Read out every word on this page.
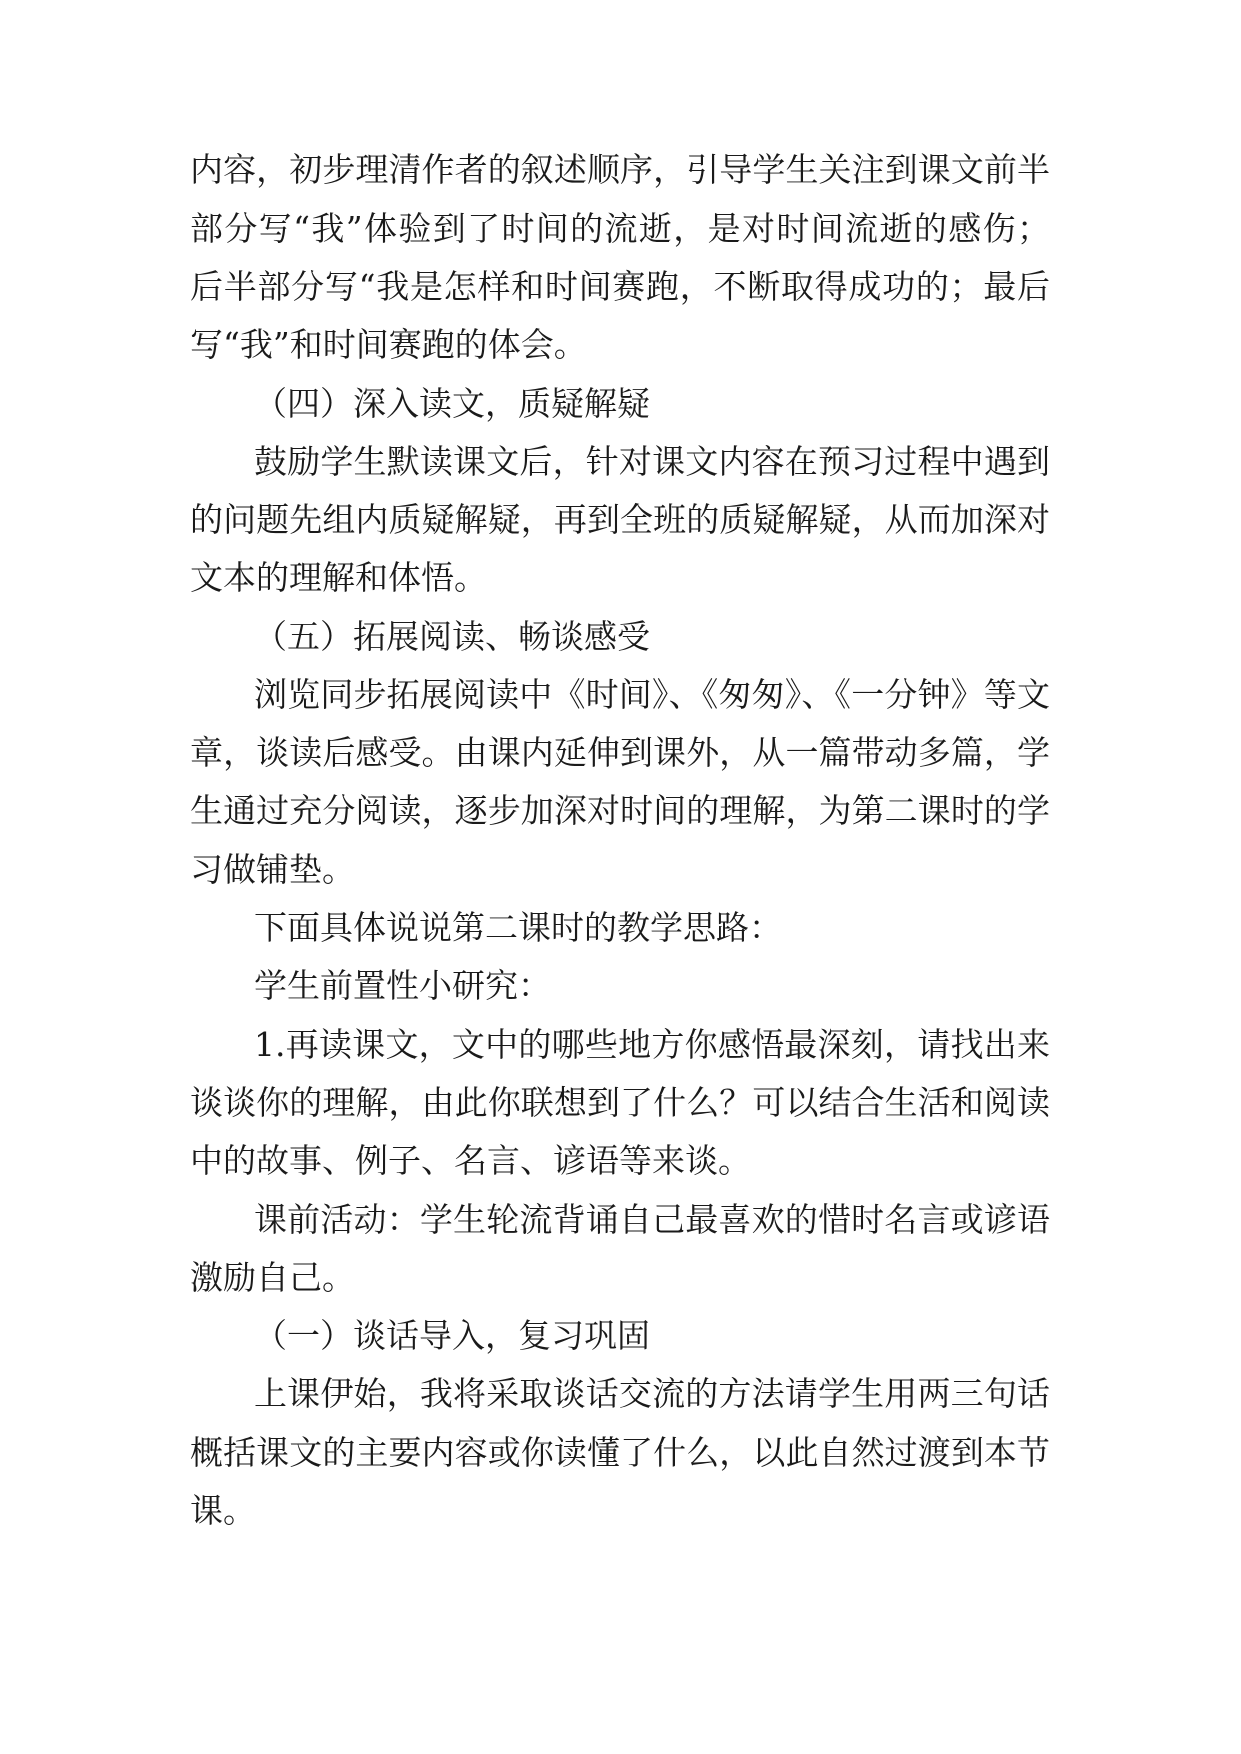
内容，初步理清作者的叙述顺序，引导学生关注到课文前半
部分写“我”体验到了时间的流逝，是对时间流逝的感伤；
后半部分写“我是怎样和时间赛跑，不断取得成功的；最后
写“我”和时间赛跑的体会。
（四）深入读文，质疑解疑
鼓励学生默读课文后，针对课文内容在预习过程中遇到
的问题先组内质疑解疑，再到全班的质疑解疑，从而加深对
文本的理解和体悟。
（五）拓展阅读、畅谈感受
浏览同步拓展阅读中《时间》、《匆匆》、《一分钟》等文
章，谈读后感受。由课内延伸到课外，从一篇带动多篇，学
生通过充分阅读，逐步加深对时间的理解，为第二课时的学
习做铺垫。
下面具体说说第二课时的教学思路：
学生前置性小研究：
1.再读课文，文中的哪些地方你感悟最深刻，请找出来
谈谈你的理解，由此你联想到了什么？可以结合生活和阅读
中的故事、例子、名言、谚语等来谈。
课前活动：学生轮流背诵自己最喜欢的惜时名言或谚语
激励自己。
（一）谈话导入，复习巩固
上课伊始，我将采取谈话交流的方法请学生用两三句话
概括课文的主要内容或你读懂了什么，以此自然过渡到本节
课。
